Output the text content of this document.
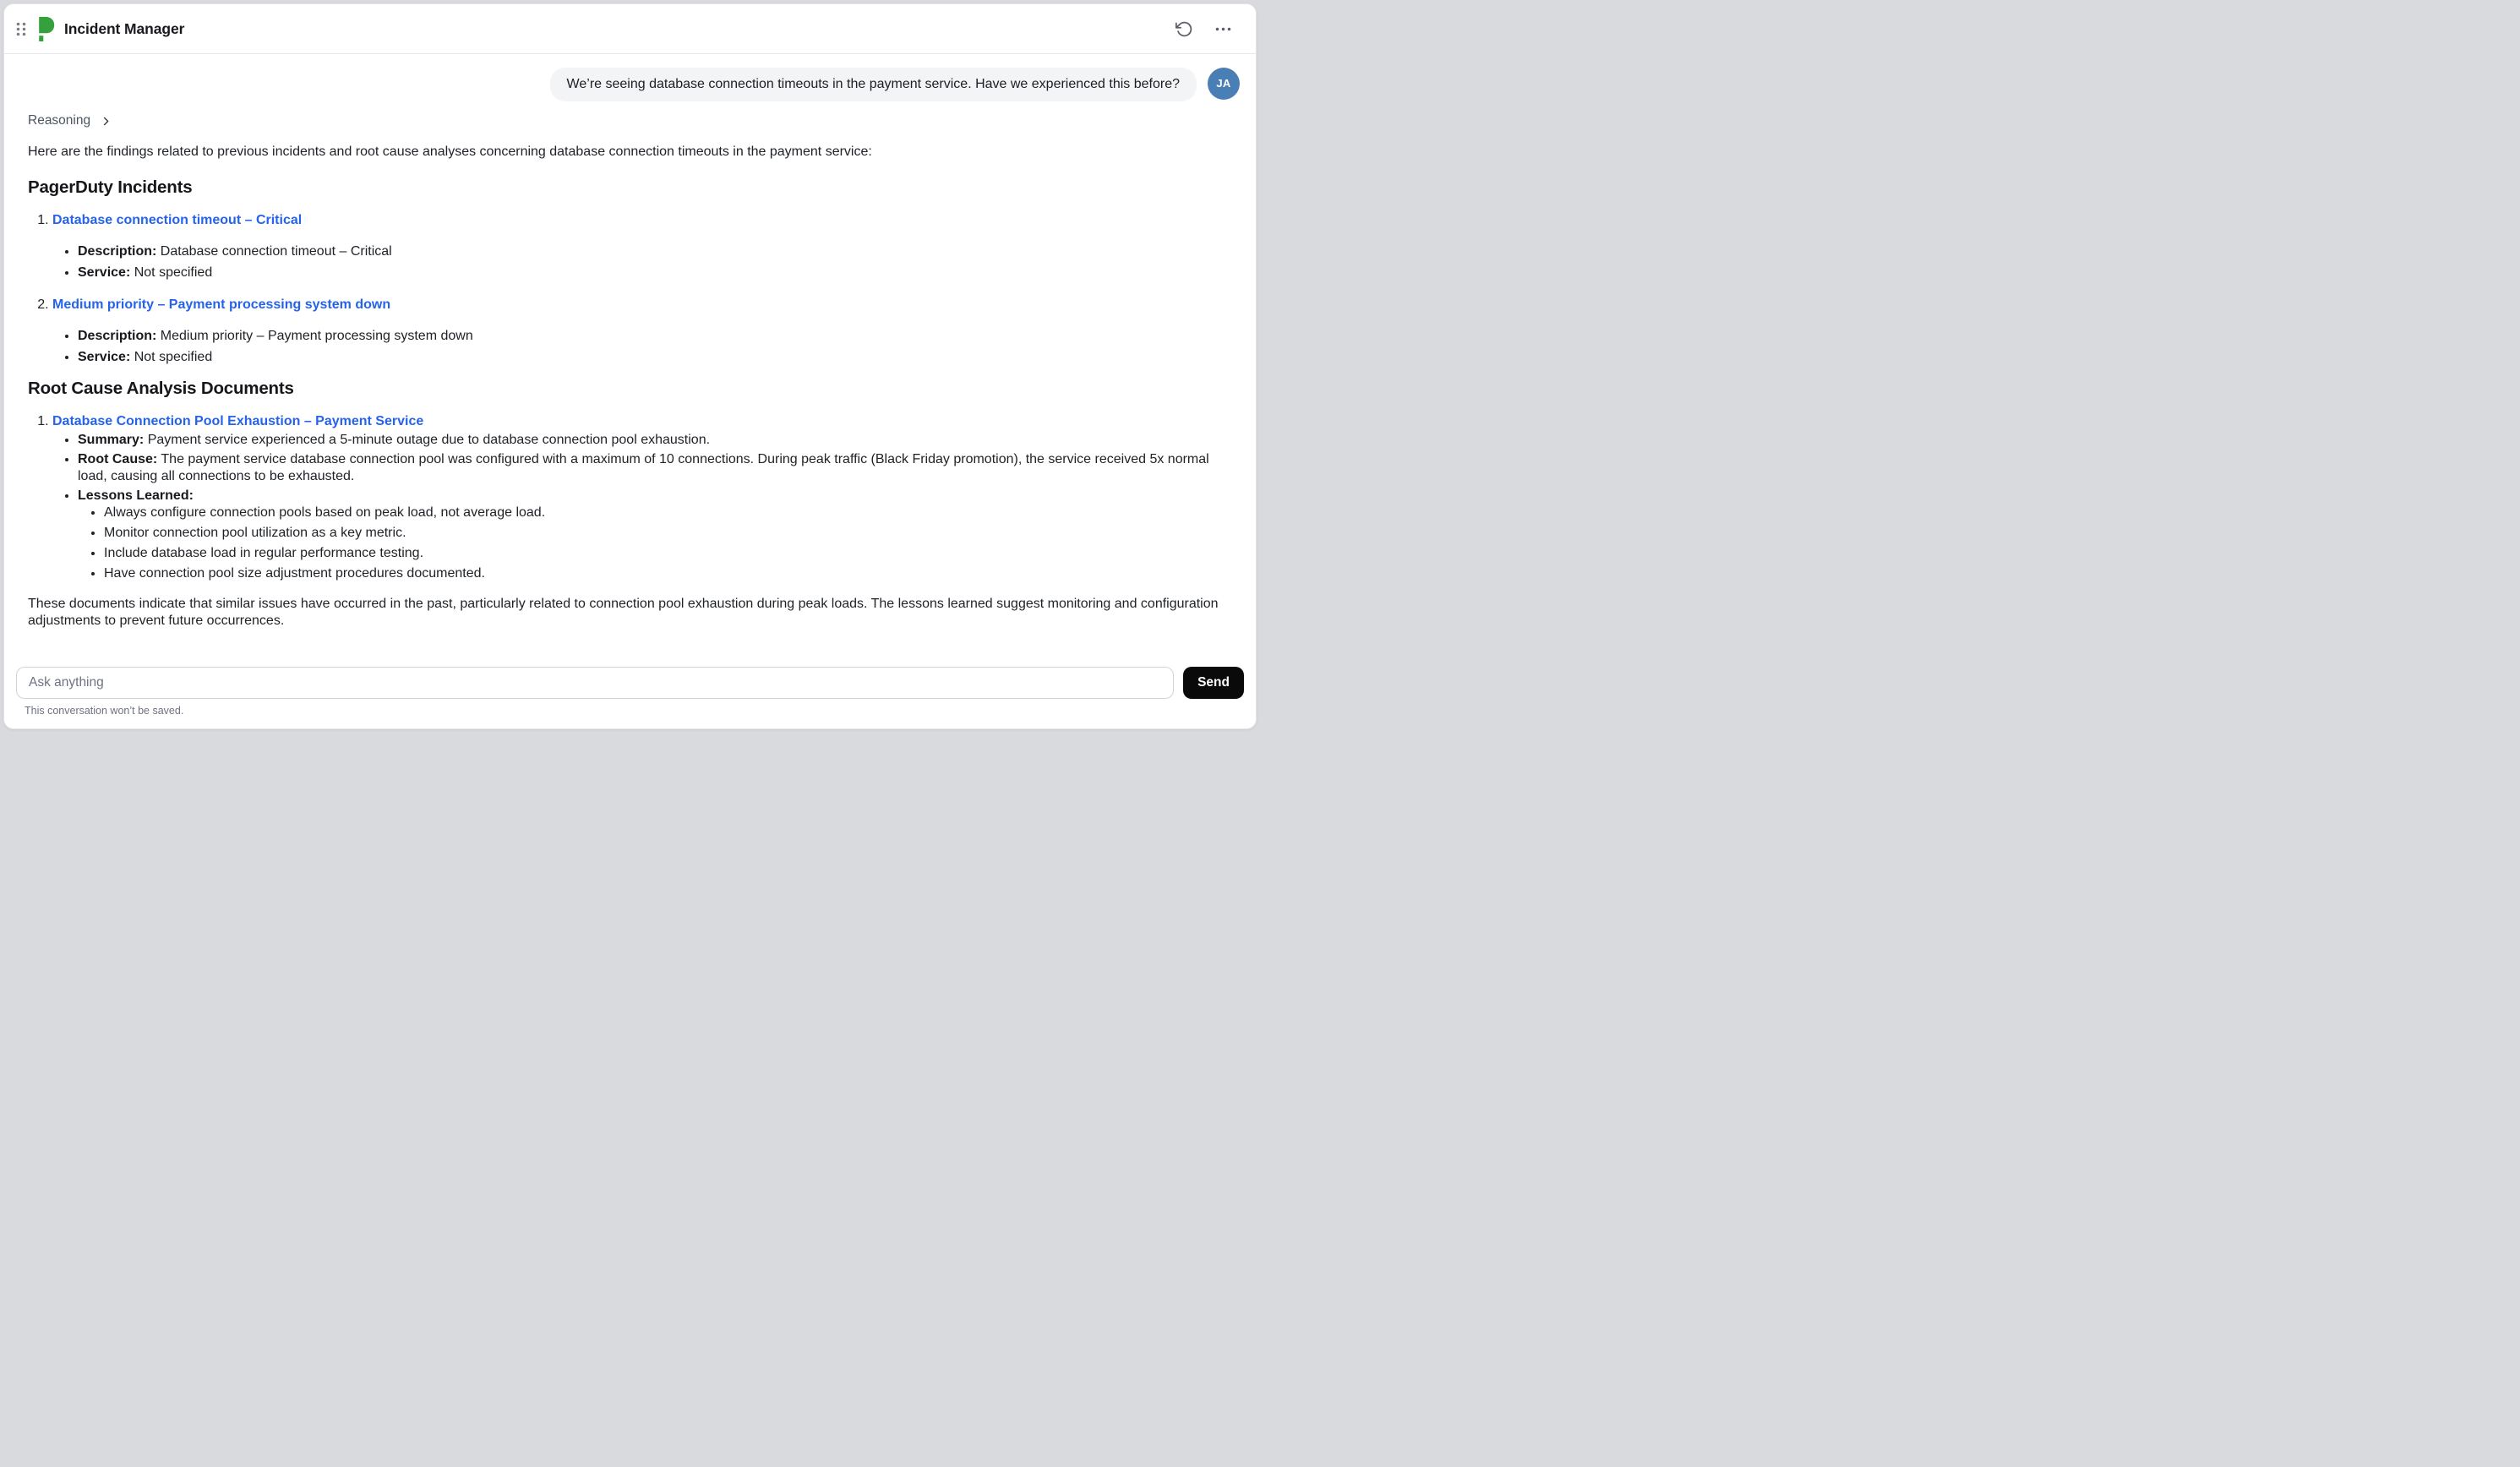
Incident Manager
We’re seeing database connection timeouts in the payment service. Have we experienced this before?	JA
Reasoning

Here are the findings related to previous incidents and root cause analyses concerning database connection timeouts in the payment service:

PagerDuty Incidents
1. Database connection timeout – Critical
• Description: Database connection timeout – Critical
• Service: Not specified
2. Medium priority – Payment processing system down
• Description: Medium priority – Payment processing system down
• Service: Not specified
Root Cause Analysis Documents
1. Database Connection Pool Exhaustion – Payment Service
• Summary: Payment service experienced a 5-minute outage due to database connection pool exhaustion.
• Root Cause: The payment service database connection pool was configured with a maximum of 10 connections. During peak traffic (Black Friday promotion), the service received 5x normal load, causing all connections to be exhausted.
• Lessons Learned:
• Always configure connection pools based on peak load, not average load.
• Monitor connection pool utilization as a key metric.
• Include database load in regular performance testing.
• Have connection pool size adjustment procedures documented.

These documents indicate that similar issues have occurred in the past, particularly related to connection pool exhaustion during peak loads. The lessons learned suggest monitoring and configuration adjustments to prevent future occurrences.

Ask anything
Send
This conversation won’t be saved.
